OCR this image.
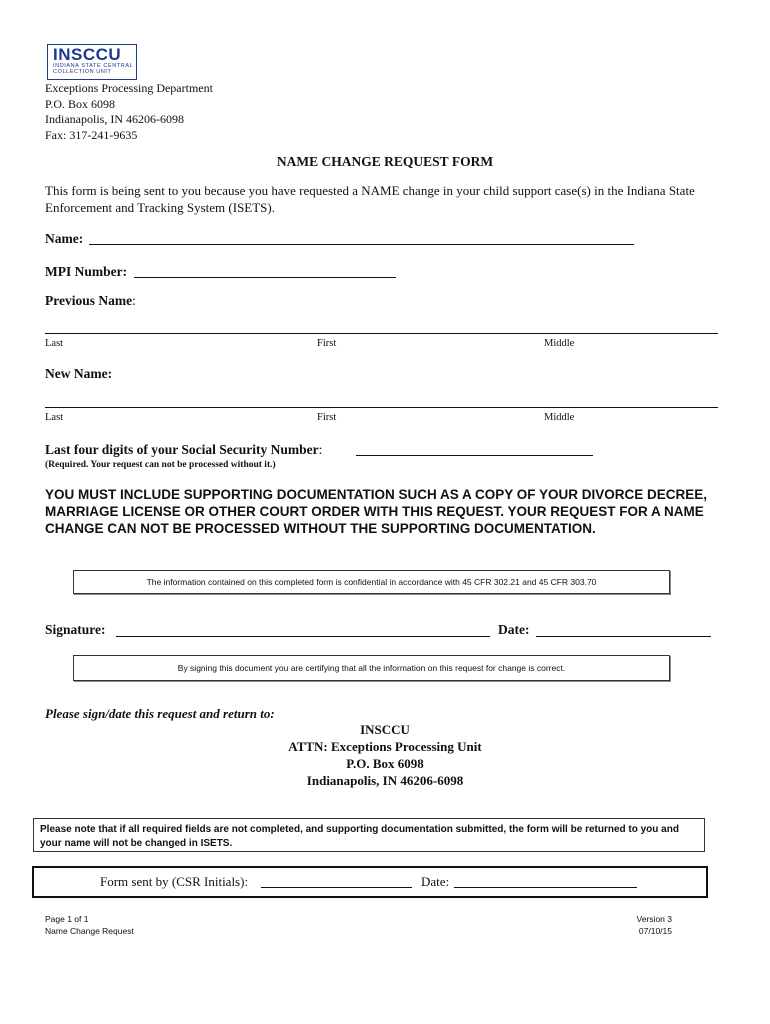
INSCCU
INDIANA STATE CENTRAL
COLLECTION UNIT
Exceptions Processing Department
P.O. Box 6098
Indianapolis, IN 46206-6098
Fax: 317-241-9635
NAME CHANGE REQUEST FORM
This form is being sent to you because you have requested a NAME change in your child support case(s) in the Indiana State Enforcement and Tracking System (ISETS).
Name:
MPI Number:
Previous Name:
Last	First	Middle
New Name:
Last	First	Middle
Last four digits of your Social Security Number:
(Required. Your request can not be processed without it.)
YOU MUST INCLUDE SUPPORTING DOCUMENTATION SUCH AS A COPY OF YOUR DIVORCE DECREE, MARRIAGE LICENSE OR OTHER COURT ORDER WITH THIS REQUEST. YOUR REQUEST FOR A NAME CHANGE CAN NOT BE PROCESSED WITHOUT THE SUPPORTING DOCUMENTATION.
The information contained on this completed form is confidential in accordance with 45 CFR 302.21 and 45 CFR 303.70
Signature:	Date:
By signing this document you are certifying that all the information on this request for change is correct.
Please sign/date this request and return to:
INSCCU
ATTN: Exceptions Processing Unit
P.O. Box 6098
Indianapolis, IN 46206-6098
Please note that if all required fields are not completed, and supporting documentation submitted, the form will be returned to you and your name will not be changed in ISETS.
Form sent by (CSR Initials):	Date:
Page 1 of 1
Name Change Request
Version 3
07/10/15
